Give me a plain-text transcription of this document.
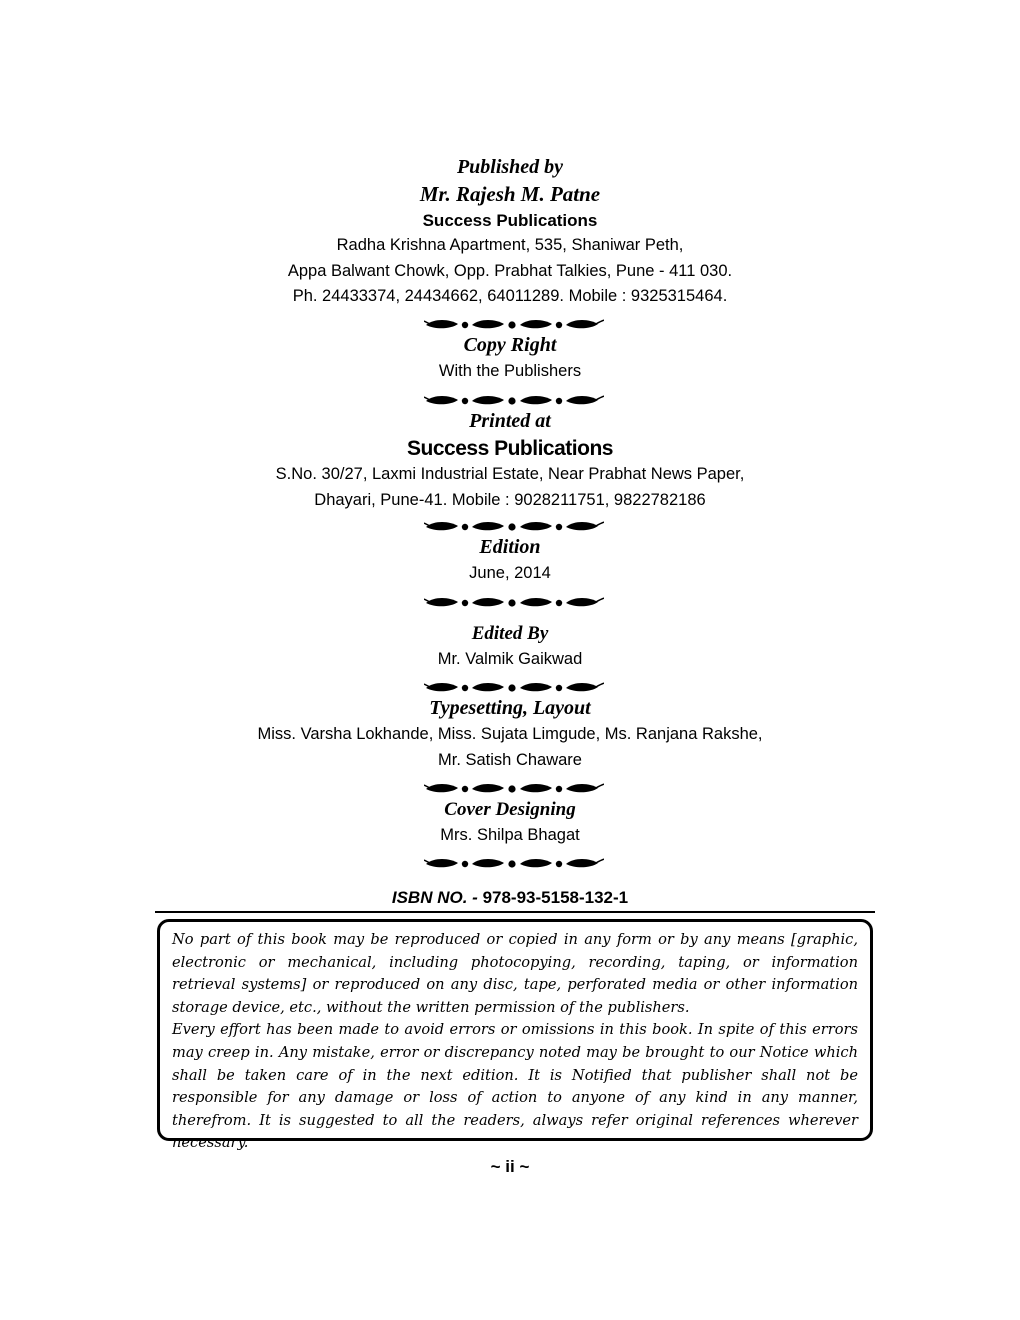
Published by
Mr. Rajesh M. Patne
Success Publications
Radha Krishna Apartment, 535, Shaniwar Peth,
Appa Balwant Chowk, Opp. Prabhat Talkies, Pune - 411 030.
Ph. 24433374, 24434662, 64011289. Mobile : 9325315464.
Copy Right
With the Publishers
Printed at
Success Publications
S.No. 30/27, Laxmi Industrial Estate, Near Prabhat News Paper,
Dhayari, Pune-41. Mobile : 9028211751, 9822782186
Edition
June, 2014
Edited By
Mr. Valmik Gaikwad
Typesetting, Layout
Miss. Varsha Lokhande, Miss. Sujata Limgude, Ms. Ranjana Rakshe,
Mr. Satish Chaware
Cover Designing
Mrs. Shilpa Bhagat
ISBN NO. - 978-93-5158-132-1

No part of this book may be reproduced or copied in any form or by any means [graphic, electronic or mechanical, including photocopying, recording, taping, or information retrieval systems] or reproduced on any disc, tape, perforated media or other information storage device, etc., without the written permission of the publishers.

Every effort has been made to avoid errors or omissions in this book. In spite of this errors may creep in. Any mistake, error or discrepancy noted may be brought to our Notice which shall be taken care of in the next edition. It is Notified that publisher shall not be responsible for any damage or loss of action to anyone of any kind in any manner, therefrom. It is suggested to all the readers, always refer original references wherever necessary.

~ ii ~
